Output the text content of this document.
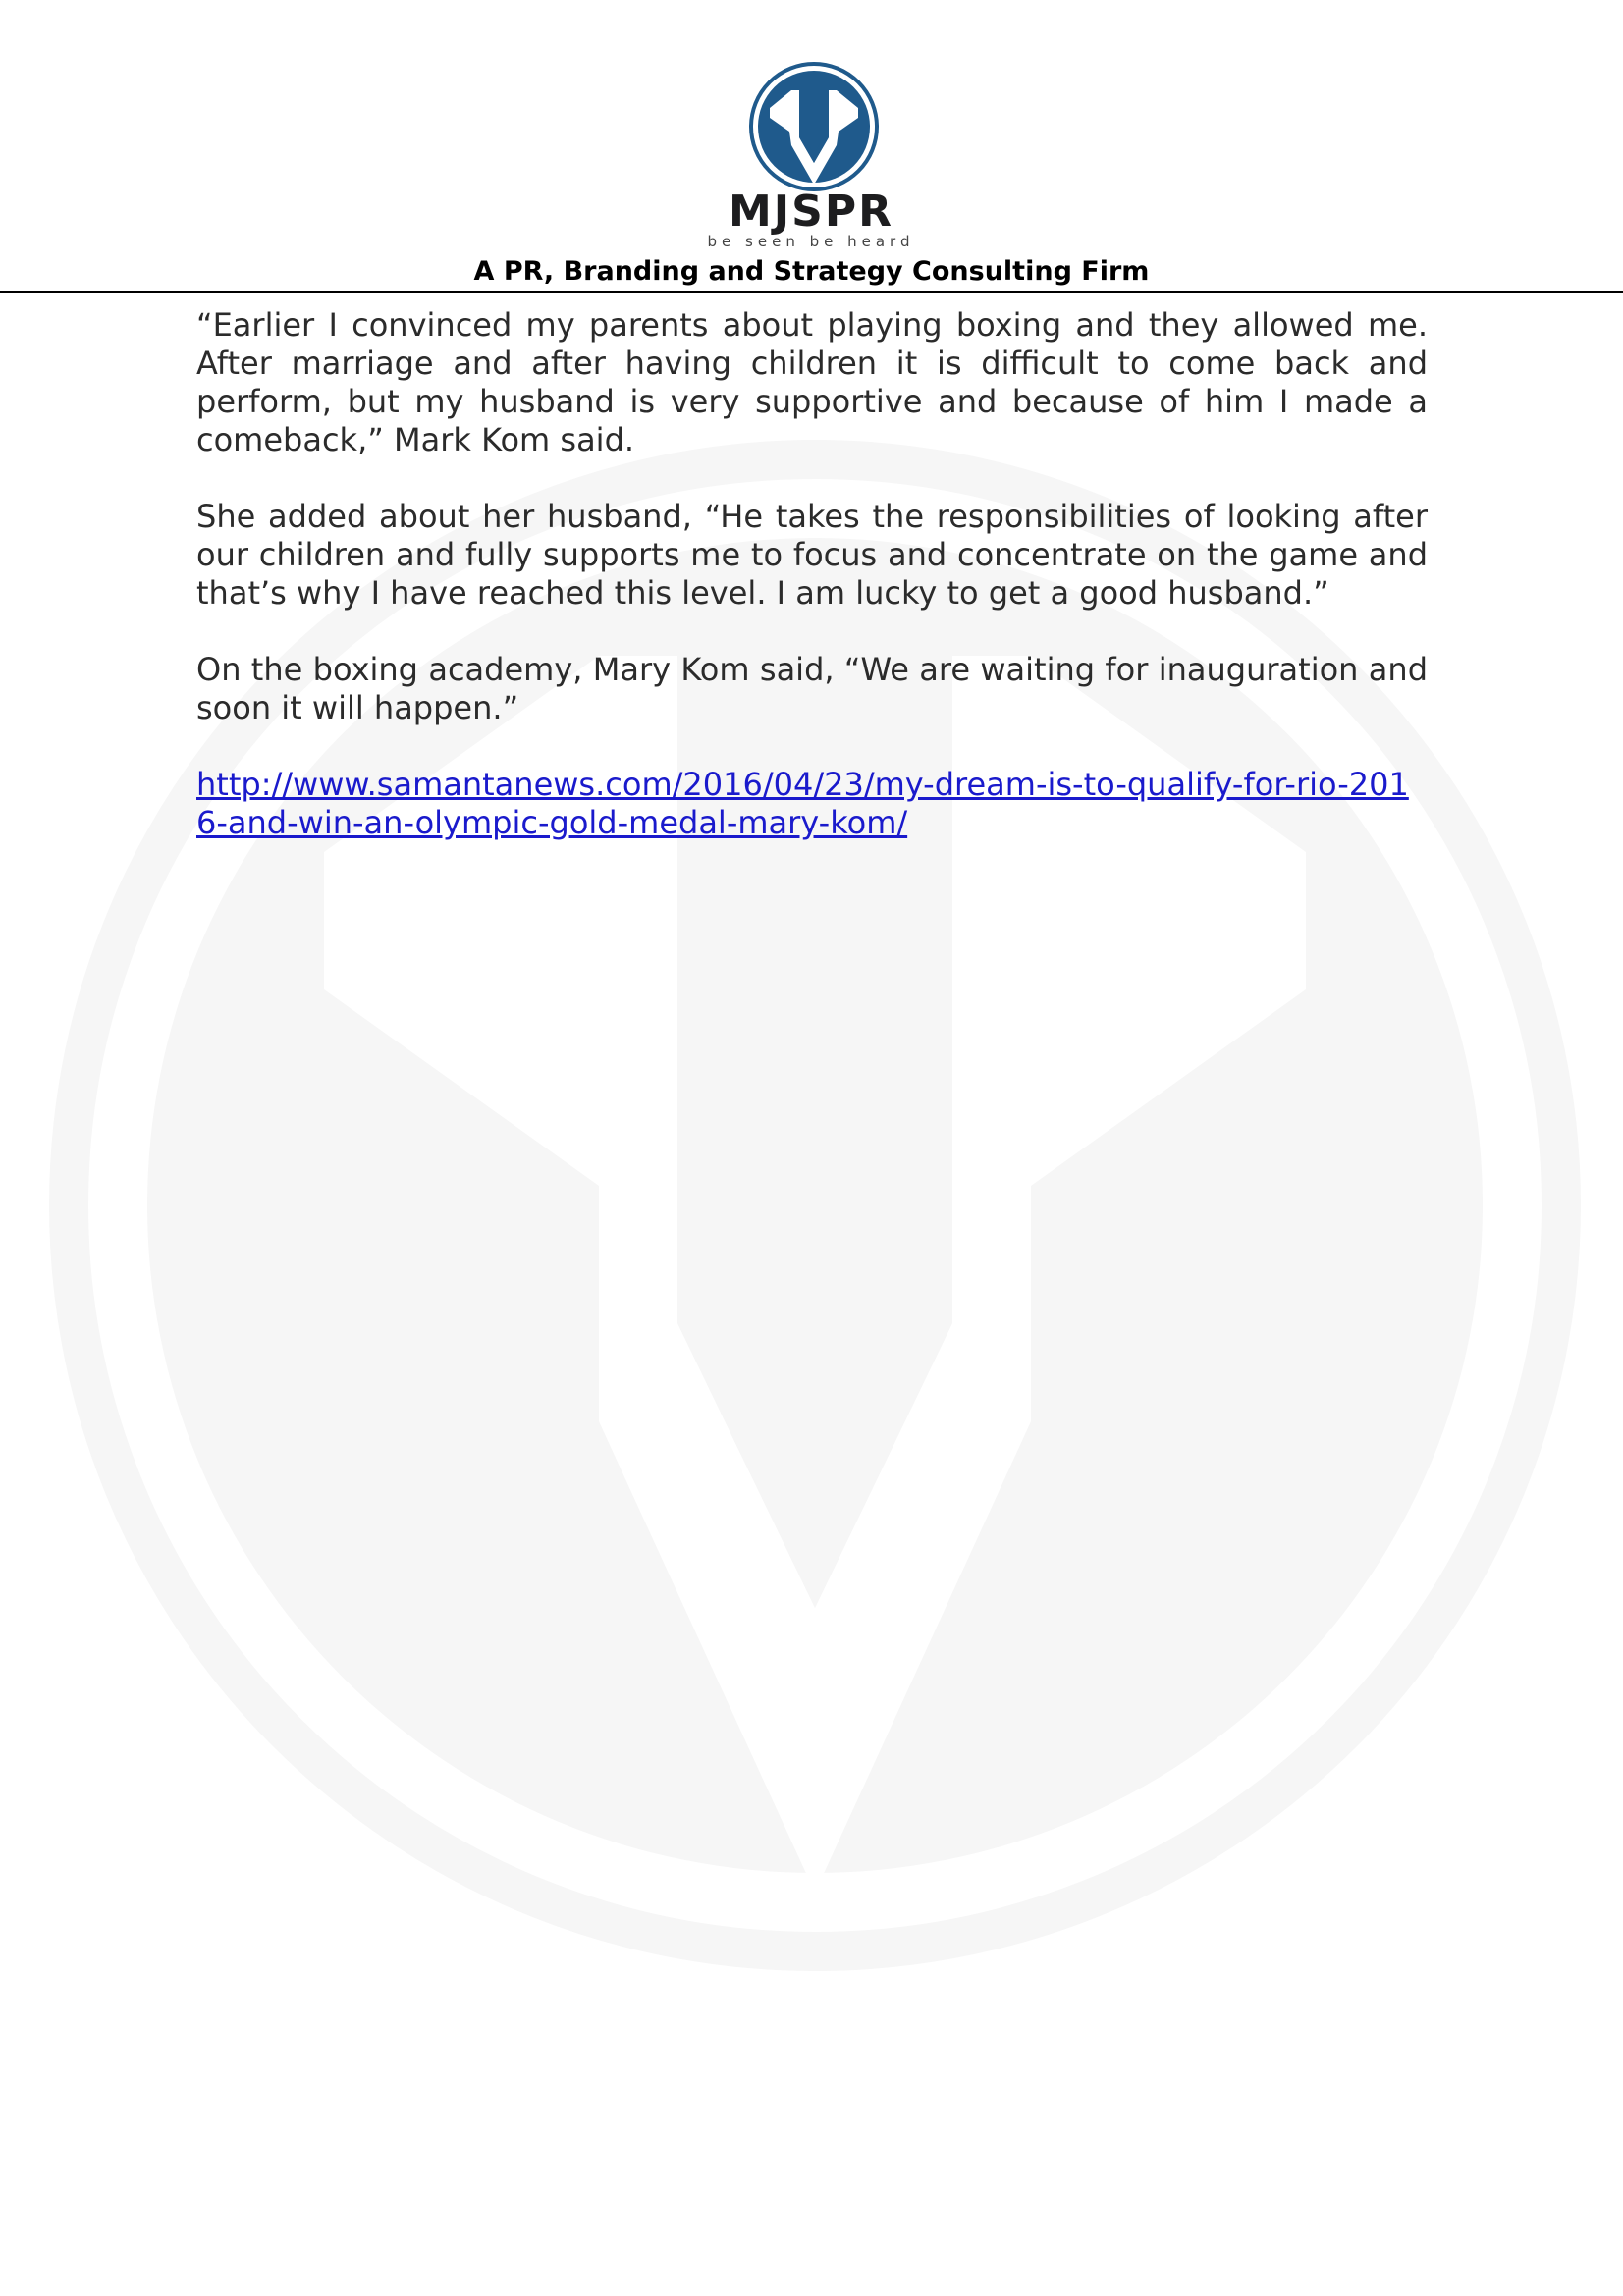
MJSPR
be seen be heard
A PR, Branding and Strategy Consulting Firm

“Earlier I convinced my parents about playing boxing and they allowed me. After marriage and after having children it is difficult to come back and perform, but my husband is very supportive and because of him I made a comeback,” Mark Kom said.

She added about her husband, “He takes the responsibilities of looking after our children and fully supports me to focus and concentrate on the game and that’s why I have reached this level. I am lucky to get a good husband.”

On the boxing academy, Mary Kom said, “We are waiting for inauguration and soon it will happen.”

http://www.samantanews.com/2016/04/23/my-dream-is-to-qualify-for-rio-2016-and-win-an-olympic-gold-medal-mary-kom/
